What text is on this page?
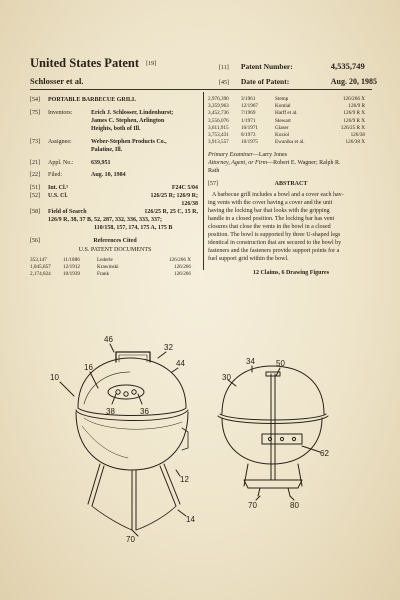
United States Patent [19]
Schlosser et al.
[11] Patent Number:	4,535,749
[45] Date of Patent:	Aug. 20, 1985
[54] PORTABLE BARBECUE GRILL
[75] Inventors:	Erich J. Schlosser, Lindenhurst;
James C. Stephen, Arlington
Heights, both of Ill.
[73] Assignee:	Weber-Stephen Products Co.,
Palatine, Ill.
[21] Appl. No.:	639,951
[22] Filed:	Aug. 10, 1984
[51] Int. Cl.³	F24C 5/04
[52] U.S. Cl.	126/25 R; 126/9 R;
126/38
[58] Field of Search	126/25 R, 25 C, 15 R,
126/9 R, 38, 37 B, 52, 287, 332, 336, 333, 337;
110/158, 157, 174, 175 A, 175 B
[56]	References Cited
U.S. PATENT DOCUMENTS
353,147	11/1886	Lederle	126/266 X
1,045,857 12/1912	Krawinski	126/266
2,174,824 10/1939	Frank	126/266
2,976,390 3/1961	Stemp	126/266 X
3,359,963 12/1967	Kontial	126/9 R
3,452,736 7/1969	Harff et al.	126/9 R X
3,556,076 1/1971	Stewart	126/9 R X
3,611,915 10/1971	Glaser	126/25 R X
3,753,431 8/1973	Koziol	126/38
3,913,557 10/1975	Ewanika et al.	126/38 X
Primary Examiner—Larry Jones
Attorney, Agent, or Firm—Robert E. Wagner; Ralph R.
Rath
[57]	ABSTRACT
A barbecue grill includes a bowl and a cover each hav-
ing vents with the cover having a cover and the unit
having the locking bar that looks with the gripping
handle in a closed position. The locking bar has vent
closures that close the vents in the bowl in a closed
position. The bowl is supported by three U-shaped legs
identical in construction that are secured to the bowl by
fasteners and the fasteners provide support points for a
fuel support grid within the bowl.
12 Claims, 6 Drawing Figures
10
16
46
32
44
38	36
12
70
14
30
34	50
62
70	80
